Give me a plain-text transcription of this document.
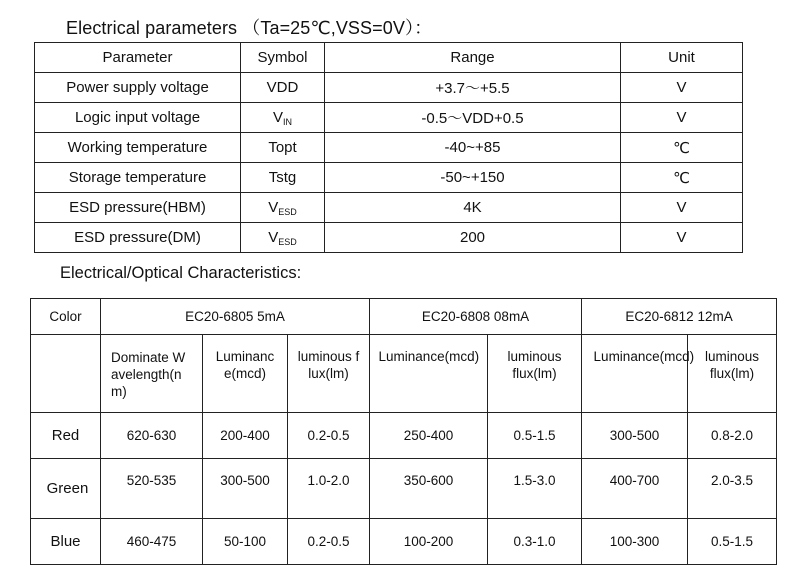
Electrical parameters （Ta=25℃,VSS=0V）：
Parameter	Symbol	Range	Unit
Power supply voltage	VDD	+3.7～+5.5	V
Logic input voltage	$V_{IN}$	-0.5～VDD+0.5	V
Working temperature	Topt	-40~+85	℃
Storage temperature	Tstg	-50~+150	℃
ESD pressure(HBM)	$V_{ESD}$	4K	V
ESD pressure(DM)	$V_{ESD}$	200	V
Electrical/Optical Characteristics:
Color	EC20-6805 5mA			EC20-6808 08mA		EC20-6812 12mA	

	Dominate Wavelength(nm)	Luminance(mcd)	luminous flux(lm)	Luminance(mcd)	luminous flux(lm)	Luminance(mcd)	luminous flux(lm)

Red	620-630	200-400	0.2-0.5	250-400	0.5-1.5	300-500	0.8-2.0

Green	520-535	300-500	1.0-2.0	350-600	1.5-3.0	400-700	2.0-3.5
Blue	460-475	50-100	0.2-0.5	100-200	0.3-1.0	100-300	0.5-1.5
